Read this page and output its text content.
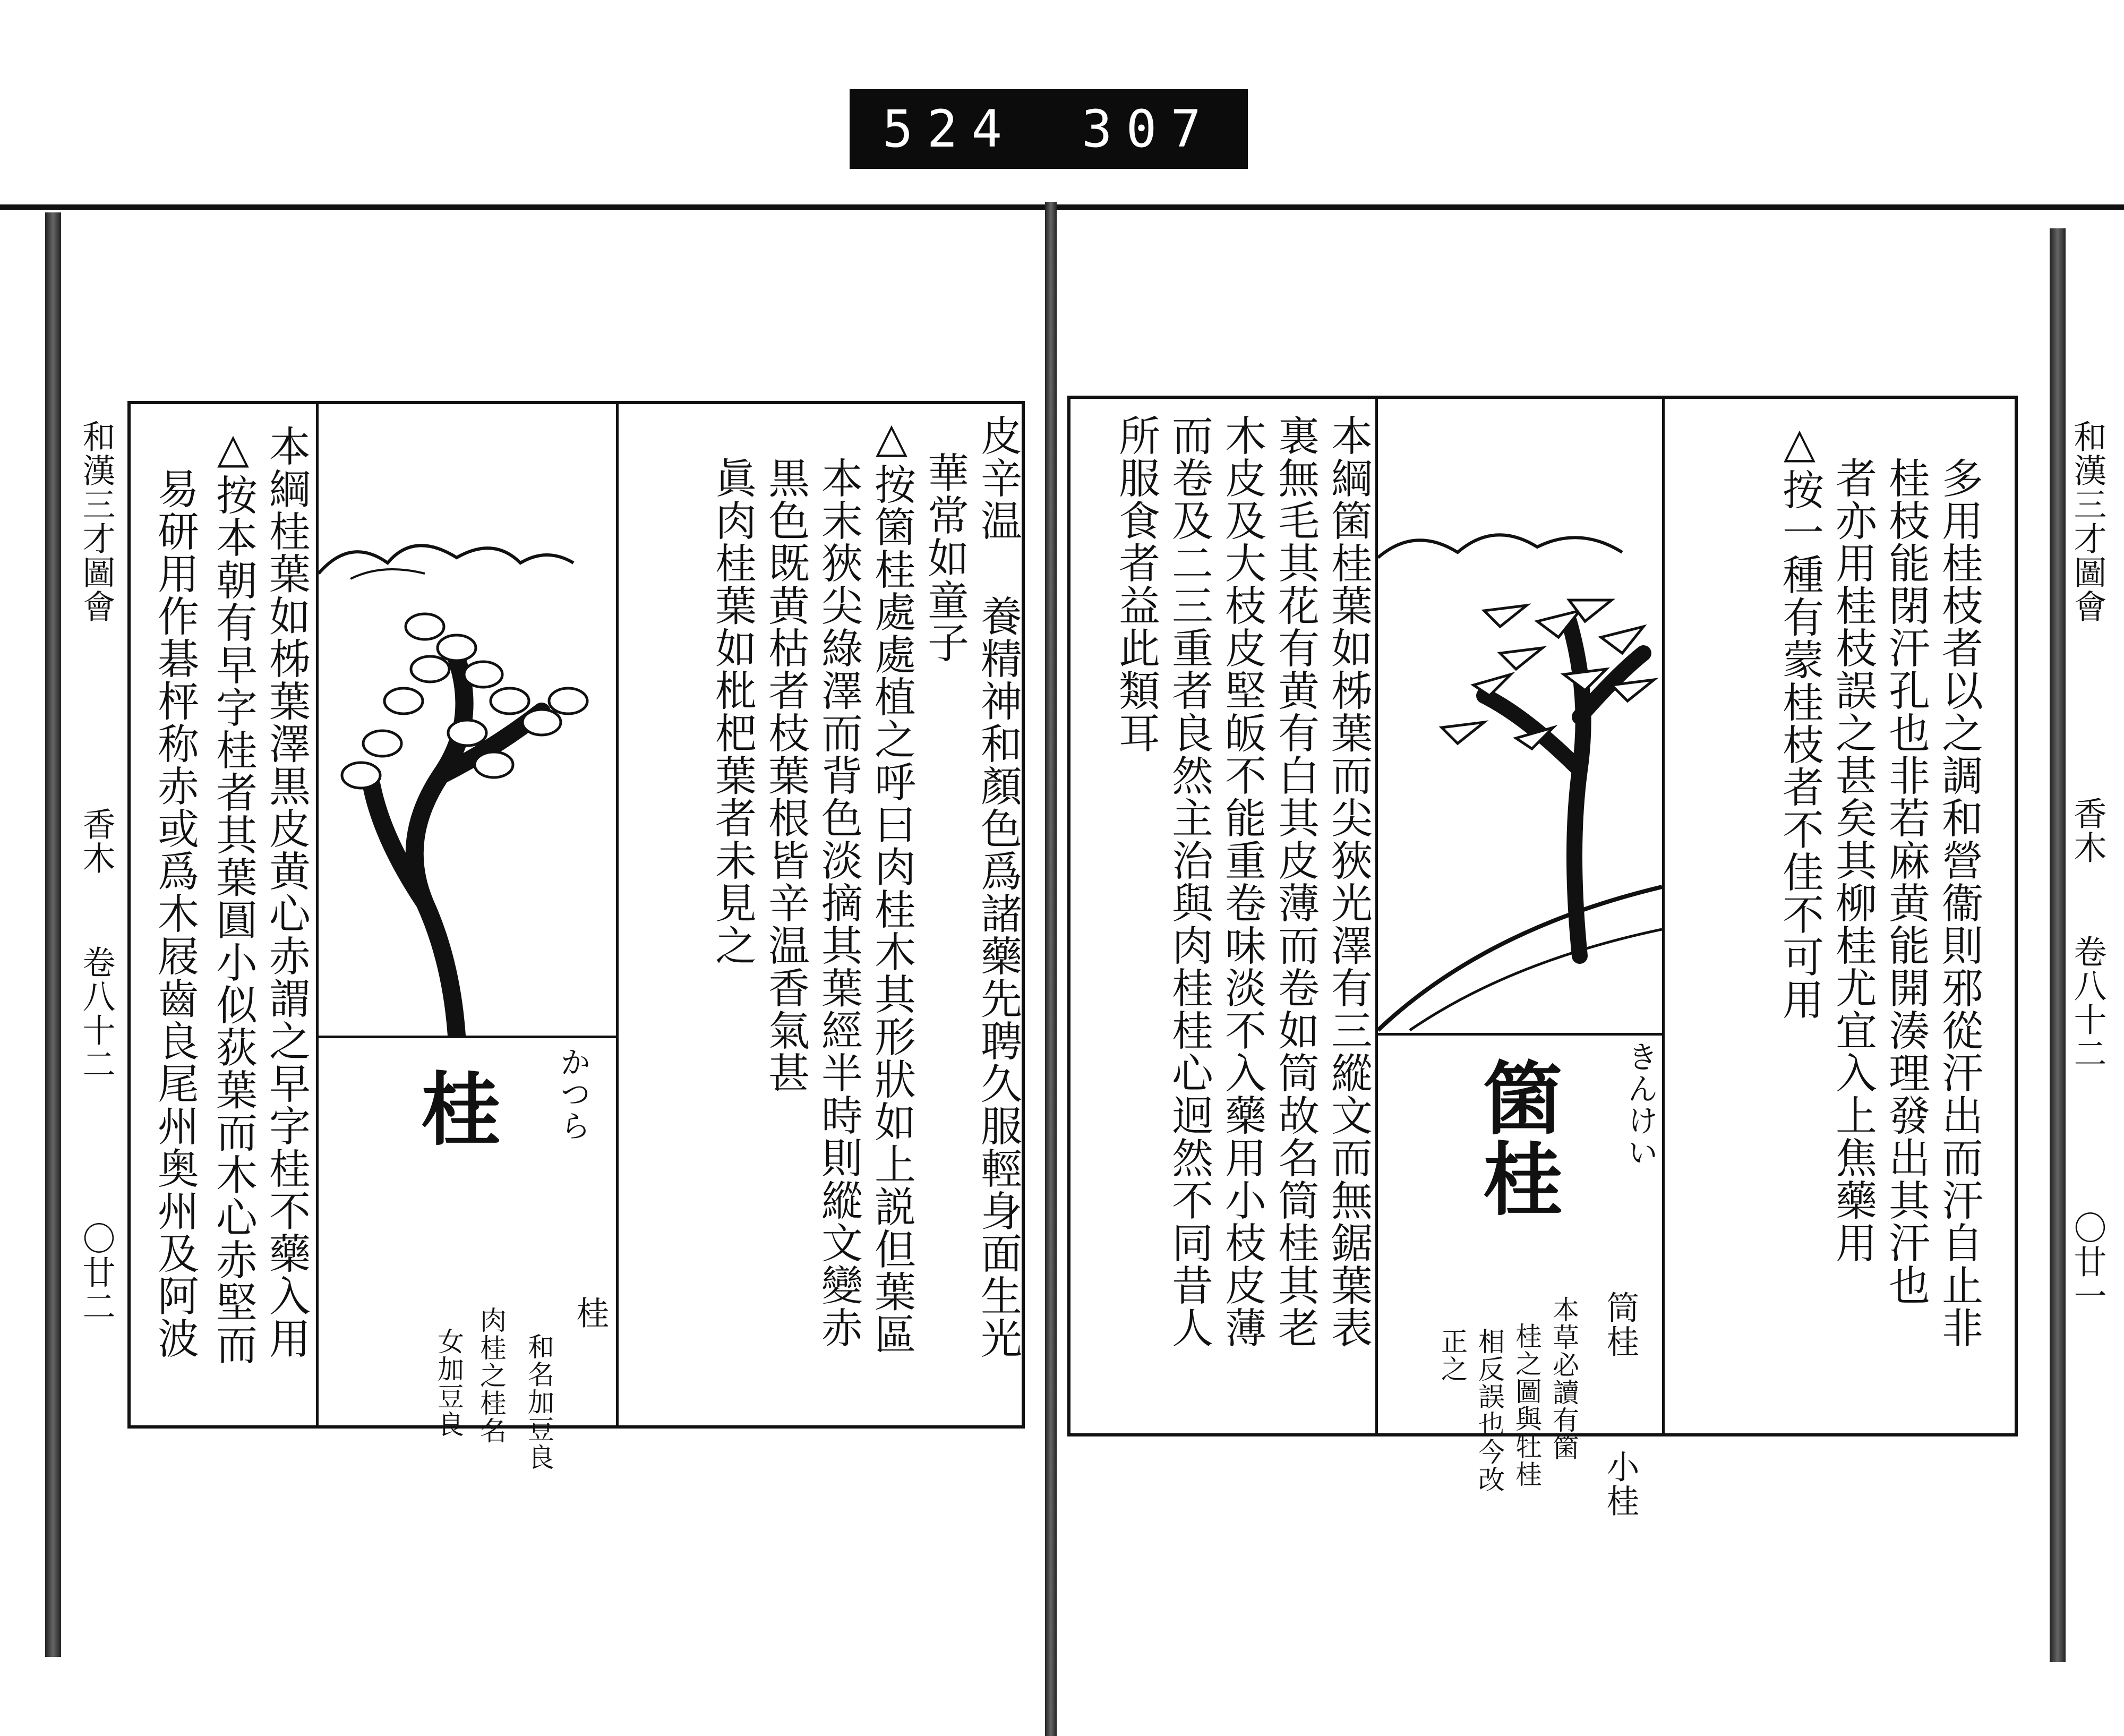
524 307
和漢三才圖會
香木
卷八十二
〇廿二	本綱桂葉如柹葉澤黒皮黄心赤謂之早字桂不藥入用
△按本朝有早字桂者其葉圓小似荻葉而木心赤堅而
易研用作碁枰称赤或爲木屐齒良尾州奥州及阿波	桂 かつら
桂
和名加豆良
肉桂之桂名
女加豆良
皮辛温
養精神和顏色爲諸藥先聘久服輕身面生光
華常如童子
△按箘桂處處植之呼曰肉桂木其形狀如上説但葉區
本末狹尖綠澤而背色淡摘其葉經半時則縱文變赤
黒色既黄枯者枝葉根皆辛温香氣甚
眞肉桂葉如枇杷葉者未見之	和漢三才圖會
香木
卷八十二
〇廿一
本綱箘桂葉如柹葉而尖狹光澤有三縱文而無鋸葉表
裏無毛其花有黄有白其皮薄而卷如筒故名筒桂其老
木皮及大枝皮堅皈不能重卷味淡不入藥用小枝皮薄
而卷及二三重者良然主治與肉桂桂心迥然不同昔人
所服食者益此類耳
箘桂 きんけい
筒桂
小桂
本草必讀有箘
桂之圖與牡桂
相反誤也今改
正之
多用桂枝者以之調和營衞則邪從汗出而汗自止非
桂枝能閉汗孔也非若麻黄能開湊理發出其汗也
者亦用桂枝誤之甚矣其柳桂尤宜入上焦藥用
△按一種有蒙桂枝者不佳不可用
